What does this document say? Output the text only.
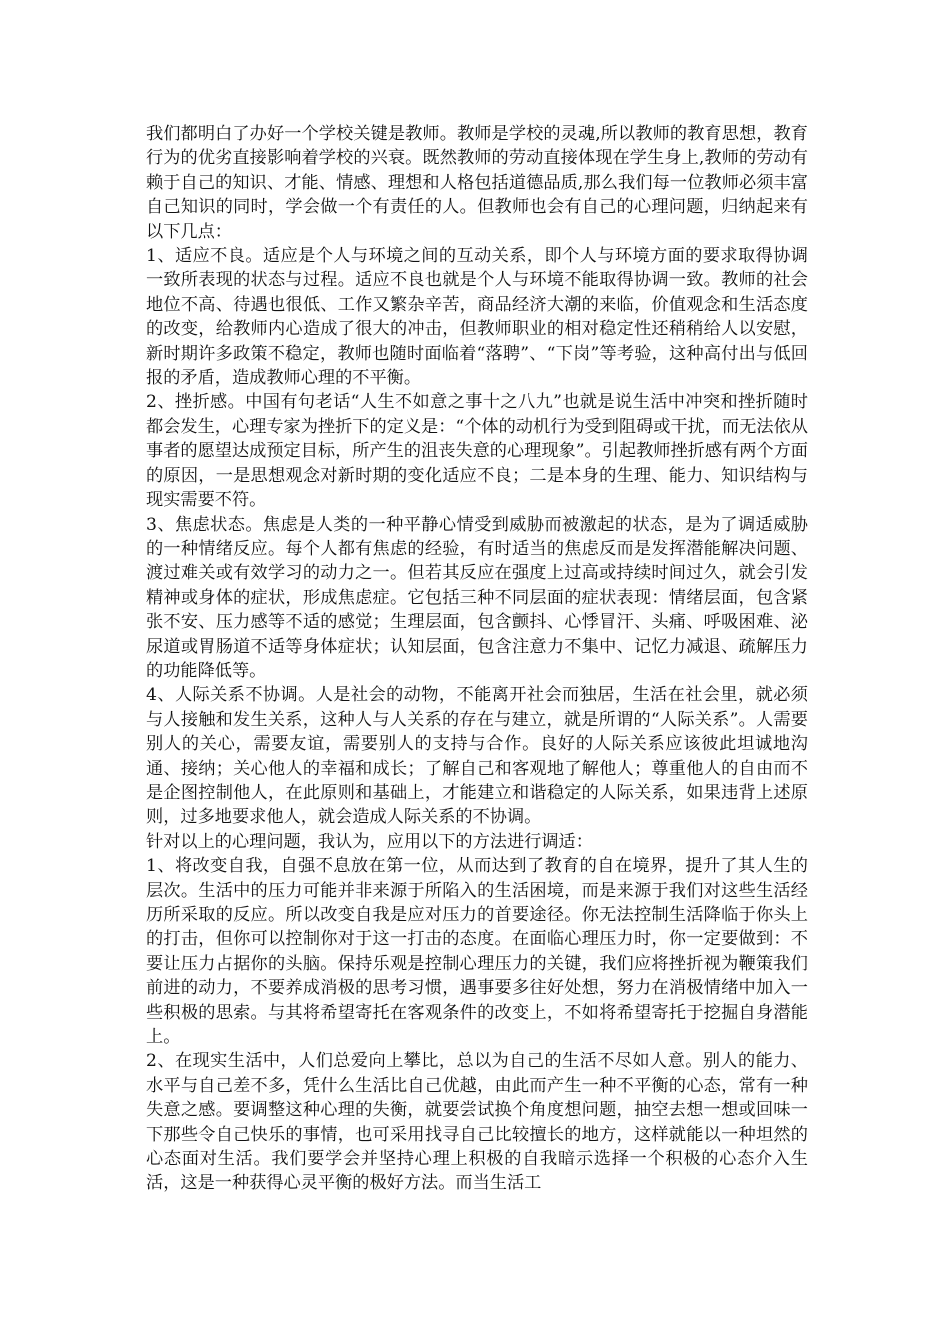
我们都明白了办好一个学校关键是教师。教师是学校的灵魂,所以教师的教育思想，教育行为的优劣直接影响着学校的兴衰。既然教师的劳动直接体现在学生身上,教师的劳动有赖于自己的知识、才能、情感、理想和人格包括道德品质,那么我们每一位教师必须丰富自己知识的同时，学会做一个有责任的人。但教师也会有自己的心理问题，归纳起来有以下几点：

1、适应不良。适应是个人与环境之间的互动关系，即个人与环境方面的要求取得协调一致所表现的状态与过程。适应不良也就是个人与环境不能取得协调一致。教师的社会地位不高、待遇也很低、工作又繁杂辛苦，商品经济大潮的来临，价值观念和生活态度的改变，给教师内心造成了很大的冲击，但教师职业的相对稳定性还稍稍给人以安慰，新时期许多政策不稳定，教师也随时面临着“落聘”、“下岗”等考验，这种高付出与低回报的矛盾，造成教师心理的不平衡。

2、挫折感。中国有句老话“人生不如意之事十之八九”也就是说生活中冲突和挫折随时都会发生，心理专家为挫折下的定义是：“个体的动机行为受到阻碍或干扰，而无法依从事者的愿望达成预定目标，所产生的沮丧失意的心理现象”。引起教师挫折感有两个方面的原因，一是思想观念对新时期的变化适应不良；二是本身的生理、能力、知识结构与现实需要不符。

3、焦虑状态。焦虑是人类的一种平静心情受到威胁而被激起的状态，是为了调适威胁的一种情绪反应。每个人都有焦虑的经验，有时适当的焦虑反而是发挥潜能解决问题、渡过难关或有效学习的动力之一。但若其反应在强度上过高或持续时间过久，就会引发精神或身体的症状，形成焦虑症。它包括三种不同层面的症状表现：情绪层面，包含紧张不安、压力感等不适的感觉；生理层面，包含颤抖、心悸冒汗、头痛、呼吸困难、泌尿道或胃肠道不适等身体症状；认知层面，包含注意力不集中、记忆力减退、疏解压力的功能降低等。

4、人际关系不协调。人是社会的动物，不能离开社会而独居，生活在社会里，就必须与人接触和发生关系，这种人与人关系的存在与建立，就是所谓的“人际关系”。人需要别人的关心，需要友谊，需要别人的支持与合作。良好的人际关系应该彼此坦诚地沟通、接纳；关心他人的幸福和成长；了解自己和客观地了解他人；尊重他人的自由而不是企图控制他人，在此原则和基础上，才能建立和谐稳定的人际关系，如果违背上述原则，过多地要求他人，就会造成人际关系的不协调。

针对以上的心理问题，我认为，应用以下的方法进行调适：

1、将改变自我，自强不息放在第一位，从而达到了教育的自在境界，提升了其人生的层次。生活中的压力可能并非来源于所陷入的生活困境，而是来源于我们对这些生活经历所采取的反应。所以改变自我是应对压力的首要途径。你无法控制生活降临于你头上的打击，但你可以控制你对于这一打击的态度。在面临心理压力时，你一定要做到：不要让压力占据你的头脑。保持乐观是控制心理压力的关键，我们应将挫折视为鞭策我们前进的动力，不要养成消极的思考习惯，遇事要多往好处想，努力在消极情绪中加入一些积极的思索。与其将希望寄托在客观条件的改变上，不如将希望寄托于挖掘自身潜能上。

2、在现实生活中，人们总爱向上攀比，总以为自己的生活不尽如人意。别人的能力、水平与自己差不多，凭什么生活比自己优越，由此而产生一种不平衡的心态，常有一种失意之感。要调整这种心理的失衡，就要尝试换个角度想问题，抽空去想一想或回味一下那些令自己快乐的事情，也可采用找寻自己比较擅长的地方，这样就能以一种坦然的心态面对生活。我们要学会并坚持心理上积极的自我暗示选择一个积极的心态介入生活，这是一种获得心灵平衡的极好方法。而当生活工
